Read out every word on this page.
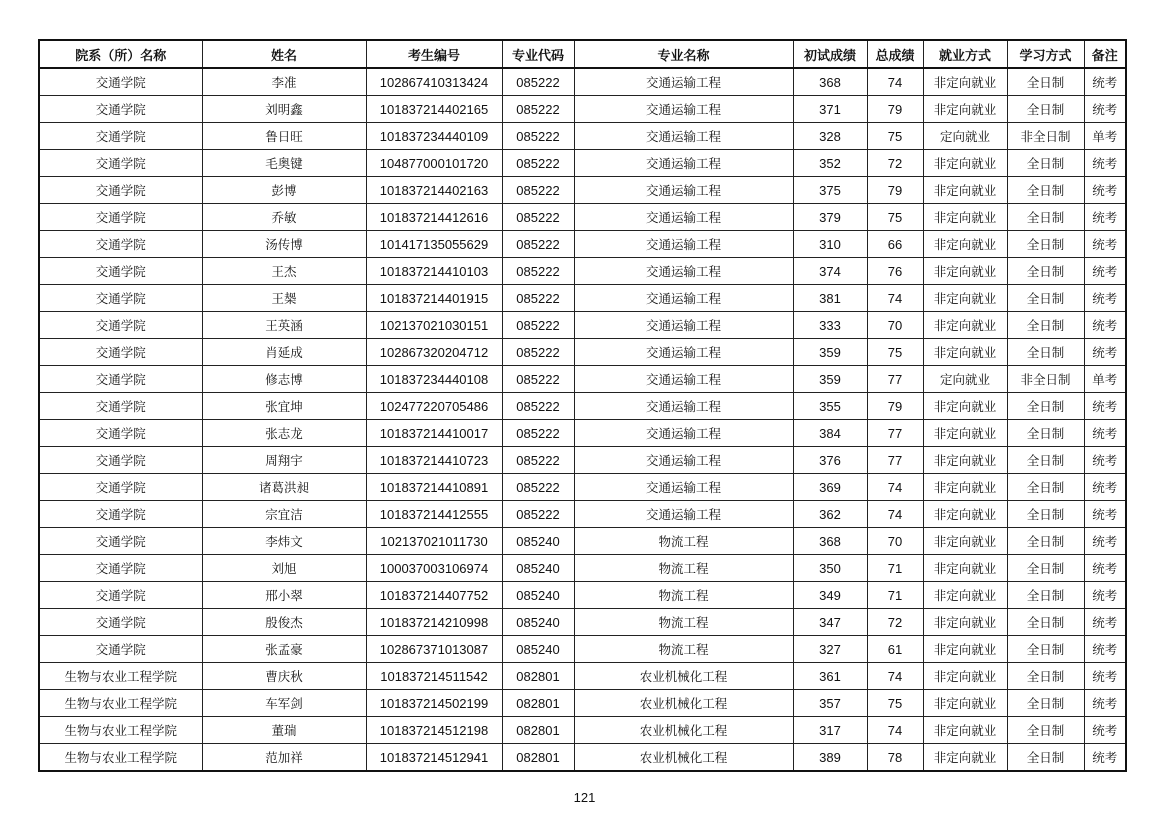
院系（所）名称	姓名	考生编号	专业代码	专业名称	初试成绩	总成绩	就业方式	学习方式	备注
交通学院	李准	102867410313424	085222	交通运输工程	368	74	非定向就业	全日制	统考
交通学院	刘明鑫	101837214402165	085222	交通运输工程	371	79	非定向就业	全日制	统考
交通学院	鲁日旺	101837234440109	085222	交通运输工程	328	75	定向就业	非全日制	单考
交通学院	毛奥键	104877000101720	085222	交通运输工程	352	72	非定向就业	全日制	统考
交通学院	彭博	101837214402163	085222	交通运输工程	375	79	非定向就业	全日制	统考
交通学院	乔敏	101837214412616	085222	交通运输工程	379	75	非定向就业	全日制	统考
交通学院	汤传博	101417135055629	085222	交通运输工程	310	66	非定向就业	全日制	统考
交通学院	王杰	101837214410103	085222	交通运输工程	374	76	非定向就业	全日制	统考
交通学院	王椝	101837214401915	085222	交通运输工程	381	74	非定向就业	全日制	统考
交通学院	王英涵	102137021030151	085222	交通运输工程	333	70	非定向就业	全日制	统考
交通学院	肖延成	102867320204712	085222	交通运输工程	359	75	非定向就业	全日制	统考
交通学院	修志博	101837234440108	085222	交通运输工程	359	77	定向就业	非全日制	单考
交通学院	张宜坤	102477220705486	085222	交通运输工程	355	79	非定向就业	全日制	统考
交通学院	张志龙	101837214410017	085222	交通运输工程	384	77	非定向就业	全日制	统考
交通学院	周翔宇	101837214410723	085222	交通运输工程	376	77	非定向就业	全日制	统考
交通学院	诸葛洪昶	101837214410891	085222	交通运输工程	369	74	非定向就业	全日制	统考
交通学院	宗宜洁	101837214412555	085222	交通运输工程	362	74	非定向就业	全日制	统考
交通学院	李炜文	102137021011730	085240	物流工程	368	70	非定向就业	全日制	统考
交通学院	刘旭	100037003106974	085240	物流工程	350	71	非定向就业	全日制	统考
交通学院	邢小翠	101837214407752	085240	物流工程	349	71	非定向就业	全日制	统考
交通学院	殷俊杰	101837214210998	085240	物流工程	347	72	非定向就业	全日制	统考
交通学院	张孟豪	102867371013087	085240	物流工程	327	61	非定向就业	全日制	统考
生物与农业工程学院	曹庆秋	101837214511542	082801	农业机械化工程	361	74	非定向就业	全日制	统考
生物与农业工程学院	车军剑	101837214502199	082801	农业机械化工程	357	75	非定向就业	全日制	统考
生物与农业工程学院	董瑞	101837214512198	082801	农业机械化工程	317	74	非定向就业	全日制	统考
生物与农业工程学院	范加祥	101837214512941	082801	农业机械化工程	389	78	非定向就业	全日制	统考
121
